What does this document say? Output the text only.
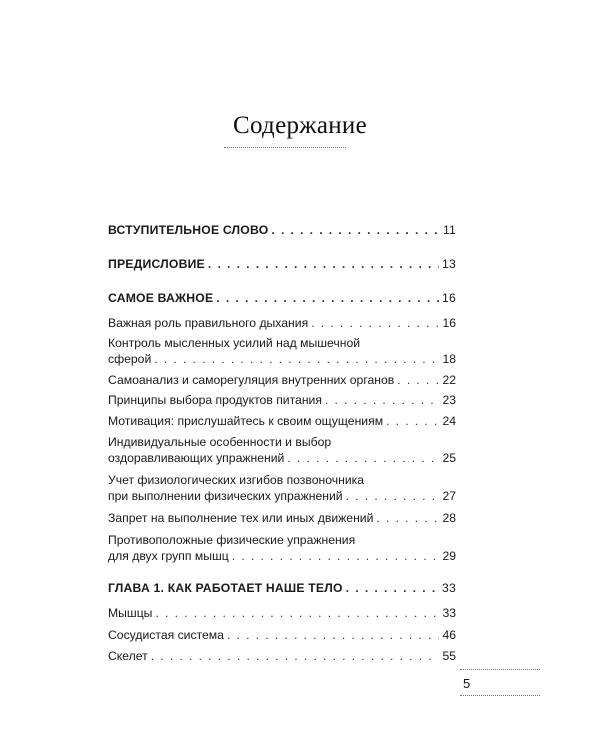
Содержание
ВСТУПИТЕЛЬНОЕ СЛОВО . . .	11
ПРЕДИСЛОВИЕ . . .	13
САМОЕ ВАЖНОЕ . . .	16
Важная роль правильного дыхания . . .	16
Контроль мысленных усилий над мышечной
сферой . . .	18
Самоанализ и саморегуляция внутренних органов . . .	22
Принципы выбора продуктов питания . . .	23
Мотивация: прислушайтесь к своим ощущениям . . .	24
Индивидуальные особенности и выбор
оздоравливающих упражнений . . .	25
Учет физиологических изгибов позвоночника
при выполнении физических упражнений . . .	27
Запрет на выполнение тех или иных движений . . .	28
Противоположные физические упражнения
для двух групп мышц . . .	29
ГЛАВА 1. КАК РАБОТАЕТ НАШЕ ТЕЛО . . .	33
Мышцы . . .	33
Сосудистая система . . .	46
Скелет . . .	55
5
